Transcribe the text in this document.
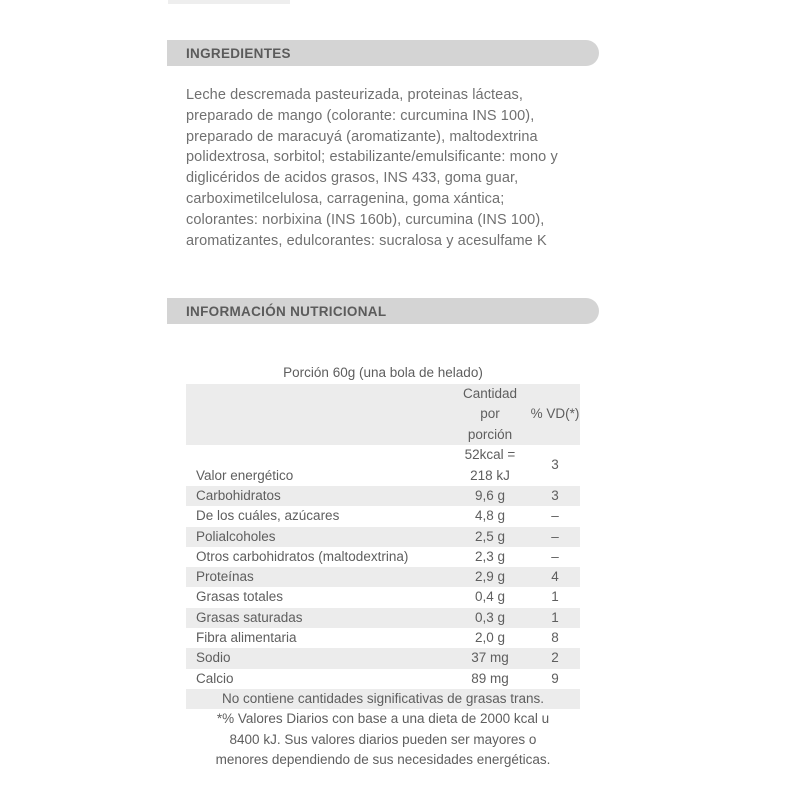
INGREDIENTES
Leche descremada pasteurizada, proteinas lácteas,
preparado de mango (colorante: curcumina INS 100),
preparado de maracuyá (aromatizante), maltodextrina
polidextrosa, sorbitol; estabilizante/emulsificante: mono y
diglicéridos de acidos grasos, INS 433, goma guar,
carboximetilcelulosa, carragenina, goma xántica;
colorantes: norbixina (INS 160b), curcumina (INS 100),
aromatizantes, edulcorantes: sucralosa y acesulfame K
INFORMACIÓN NUTRICIONAL
Porción 60g (una bola de helado)

	Cantidad
por
porción	% VD(*)
Valor energético	52kcal =
218 kJ	3
Carbohidratos	9,6 g	3
De los cuáles, azúcares	4,8 g	–
Polialcoholes	2,5 g	–
Otros carbohidratos (maltodextrina)	2,3 g	–
Proteínas	2,9 g	4
Grasas totales	0,4 g	1
Grasas saturadas	0,3 g	1
Fibra alimentaria	2,0 g	8
Sodio	37 mg	2
Calcio	89 mg	9
No contiene cantidades significativas de grasas trans.
*% Valores Diarios con base a una dieta de 2000 kcal u
8400 kJ. Sus valores diarios pueden ser mayores o
menores dependiendo de sus necesidades energéticas.
